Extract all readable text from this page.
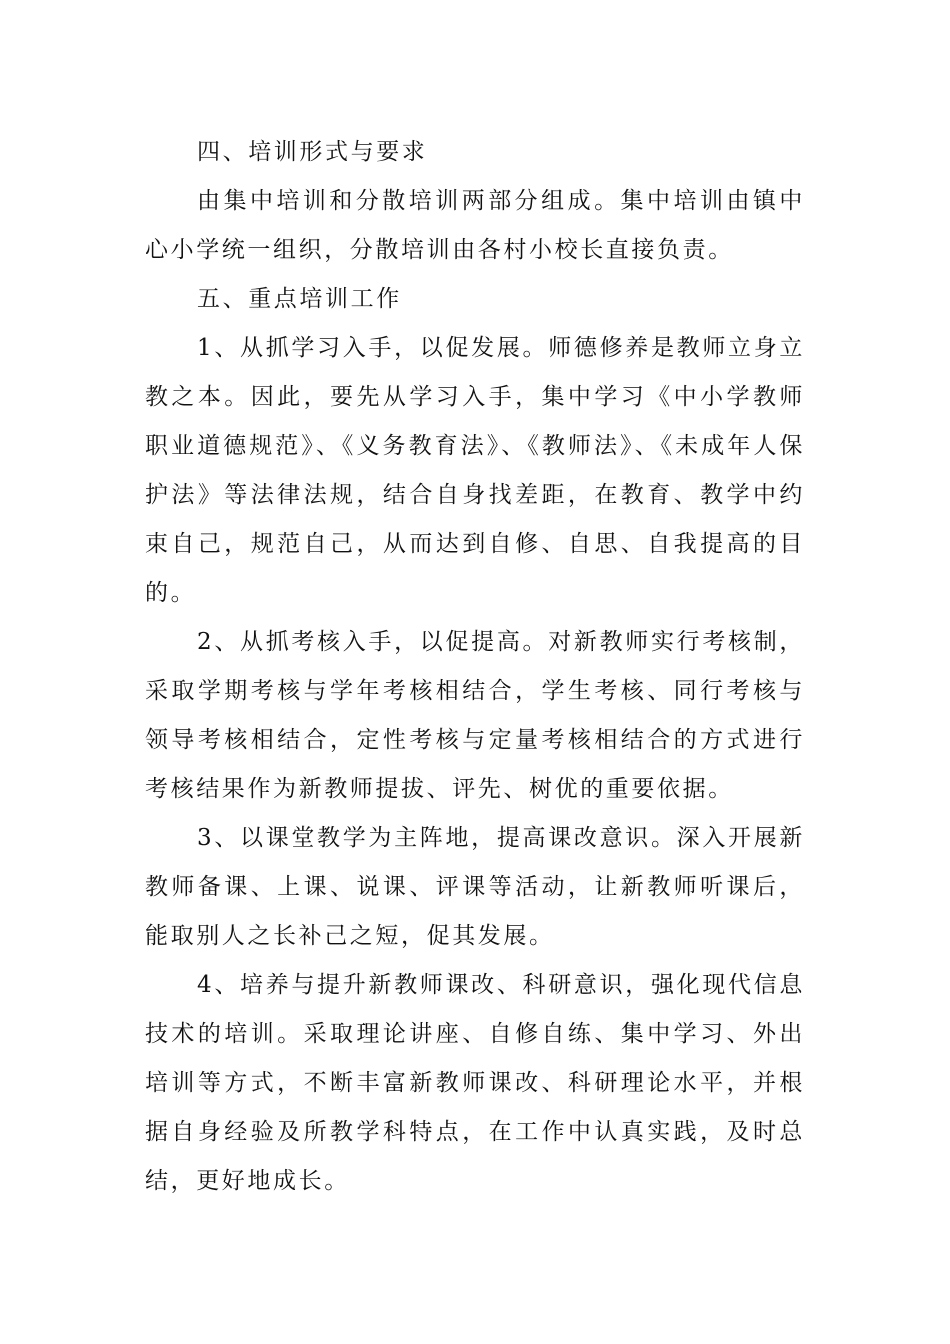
四、培训形式与要求

由集中培训和分散培训两部分组成。集中培训由镇中心小学统一组织，分散培训由各村小校长直接负责。

五、重点培训工作

1、从抓学习入手，以促发展。师德修养是教师立身立教之本。因此，要先从学习入手，集中学习《中小学教师职业道德规范》、《义务教育法》、《教师法》、《未成年人保护法》等法律法规，结合自身找差距，在教育、教学中约束自己，规范自己，从而达到自修、自思、自我提高的目的。

2、从抓考核入手，以促提高。对新教师实行考核制，采取学期考核与学年考核相结合，学生考核、同行考核与领导考核相结合，定性考核与定量考核相结合的方式进行考核结果作为新教师提拔、评先、树优的重要依据。

3、以课堂教学为主阵地，提高课改意识。深入开展新教师备课、上课、说课、评课等活动，让新教师听课后，能取别人之长补己之短，促其发展。

4、培养与提升新教师课改、科研意识，强化现代信息技术的培训。采取理论讲座、自修自练、集中学习、外出培训等方式，不断丰富新教师课改、科研理论水平，并根据自身经验及所教学科特点，在工作中认真实践，及时总结，更好地成长。
